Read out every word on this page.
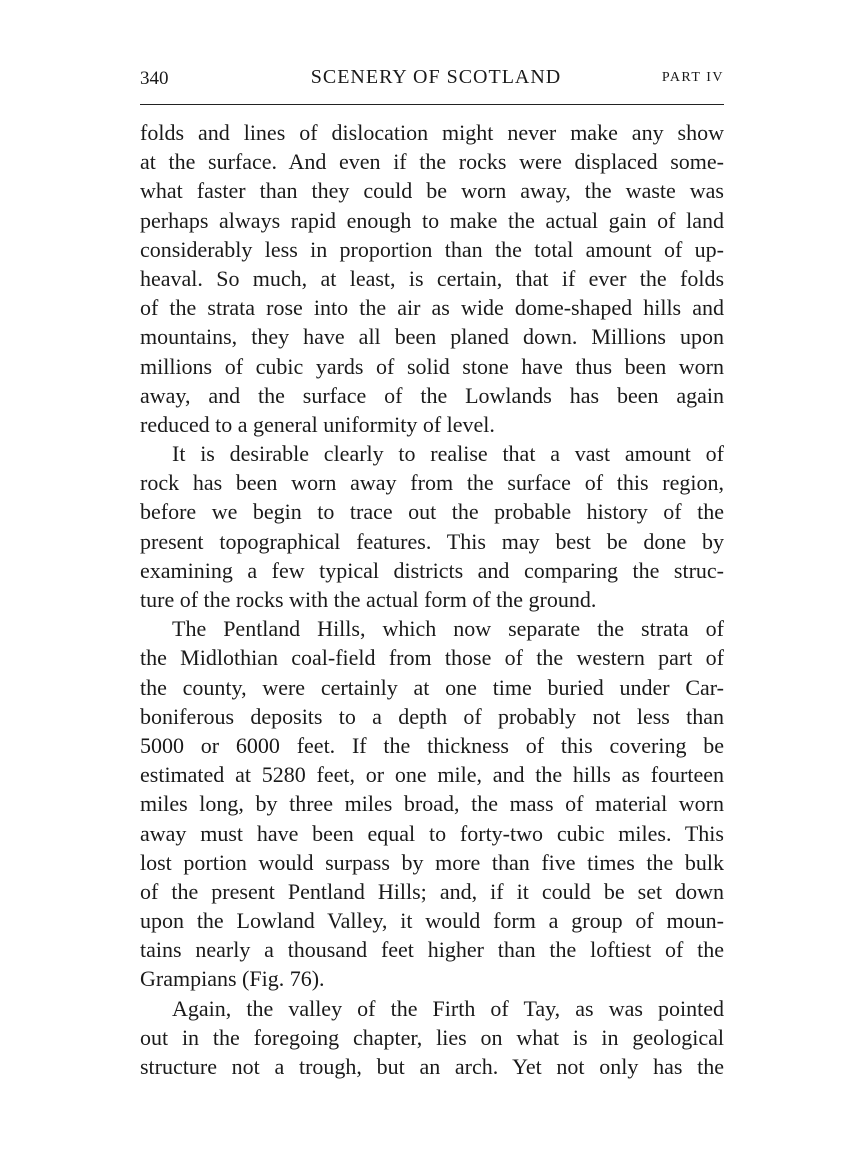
340	SCENERY OF SCOTLAND	PART IV
folds and lines of dislocation might never make any show
at the surface. And even if the rocks were displaced some-
what faster than they could be worn away, the waste was
perhaps always rapid enough to make the actual gain of land
considerably less in proportion than the total amount of up-
heaval. So much, at least, is certain, that if ever the folds
of the strata rose into the air as wide dome-shaped hills and
mountains, they have all been planed down. Millions upon
millions of cubic yards of solid stone have thus been worn
away, and the surface of the Lowlands has been again
reduced to a general uniformity of level.
It is desirable clearly to realise that a vast amount of
rock has been worn away from the surface of this region,
before we begin to trace out the probable history of the
present topographical features. This may best be done by
examining a few typical districts and comparing the struc-
ture of the rocks with the actual form of the ground.
The Pentland Hills, which now separate the strata of
the Midlothian coal-field from those of the western part of
the county, were certainly at one time buried under Car-
boniferous deposits to a depth of probably not less than
5000 or 6000 feet. If the thickness of this covering be
estimated at 5280 feet, or one mile, and the hills as fourteen
miles long, by three miles broad, the mass of material worn
away must have been equal to forty-two cubic miles. This
lost portion would surpass by more than five times the bulk
of the present Pentland Hills; and, if it could be set down
upon the Lowland Valley, it would form a group of moun-
tains nearly a thousand feet higher than the loftiest of the
Grampians (Fig. 76).
Again, the valley of the Firth of Tay, as was pointed
out in the foregoing chapter, lies on what is in geological
structure not a trough, but an arch. Yet not only has the
